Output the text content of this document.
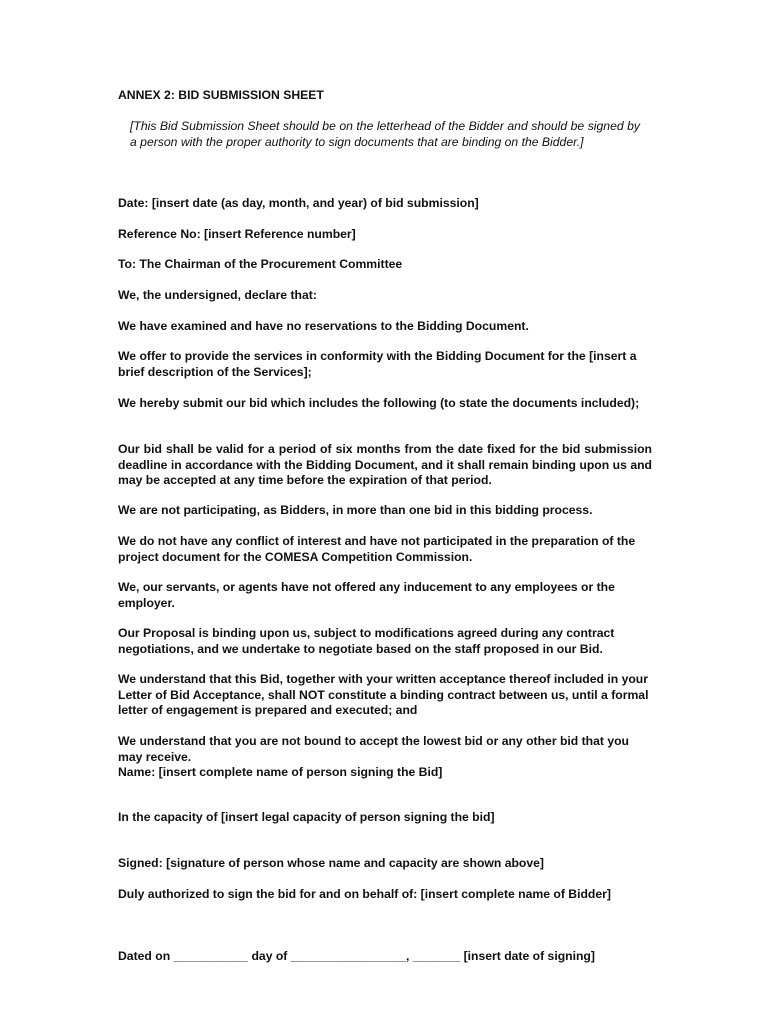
ANNEX 2: BID SUBMISSION SHEET

[This Bid Submission Sheet should be on the letterhead of the Bidder and should be signed by a person with the proper authority to sign documents that are binding on the Bidder.]

Date: [insert date (as day, month, and year) of bid submission]

Reference No: [insert Reference number]

To: The Chairman of the Procurement Committee

We, the undersigned, declare that:

We have examined and have no reservations to the Bidding Document.

We offer to provide the services in conformity with the Bidding Document for the [insert a brief description of the Services];

We hereby submit our bid which includes the following (to state the documents included);

Our bid shall be valid for a period of six months from the date fixed for the bid submission deadline in accordance with the Bidding Document, and it shall remain binding upon us and may be accepted at any time before the expiration of that period.

We are not participating, as Bidders, in more than one bid in this bidding process.

We do not have any conflict of interest and have not participated in the preparation of the project document for the COMESA Competition Commission.

We, our servants, or agents have not offered any inducement to any employees or the employer.

Our Proposal is binding upon us, subject to modifications agreed during any contract negotiations, and we undertake to negotiate based on the staff proposed in our Bid.

We understand that this Bid, together with your written acceptance thereof included in your Letter of Bid Acceptance, shall NOT constitute a binding contract between us, until a formal letter of engagement is prepared and executed; and

We understand that you are not bound to accept the lowest bid or any other bid that you may receive.

Name: [insert complete name of person signing the Bid]

In the capacity of [insert legal capacity of person signing the bid]

Signed: [signature of person whose name and capacity are shown above]

Duly authorized to sign the bid for and on behalf of: [insert complete name of Bidder]

Dated on ___________ day of _________________, _______ [insert date of signing]
